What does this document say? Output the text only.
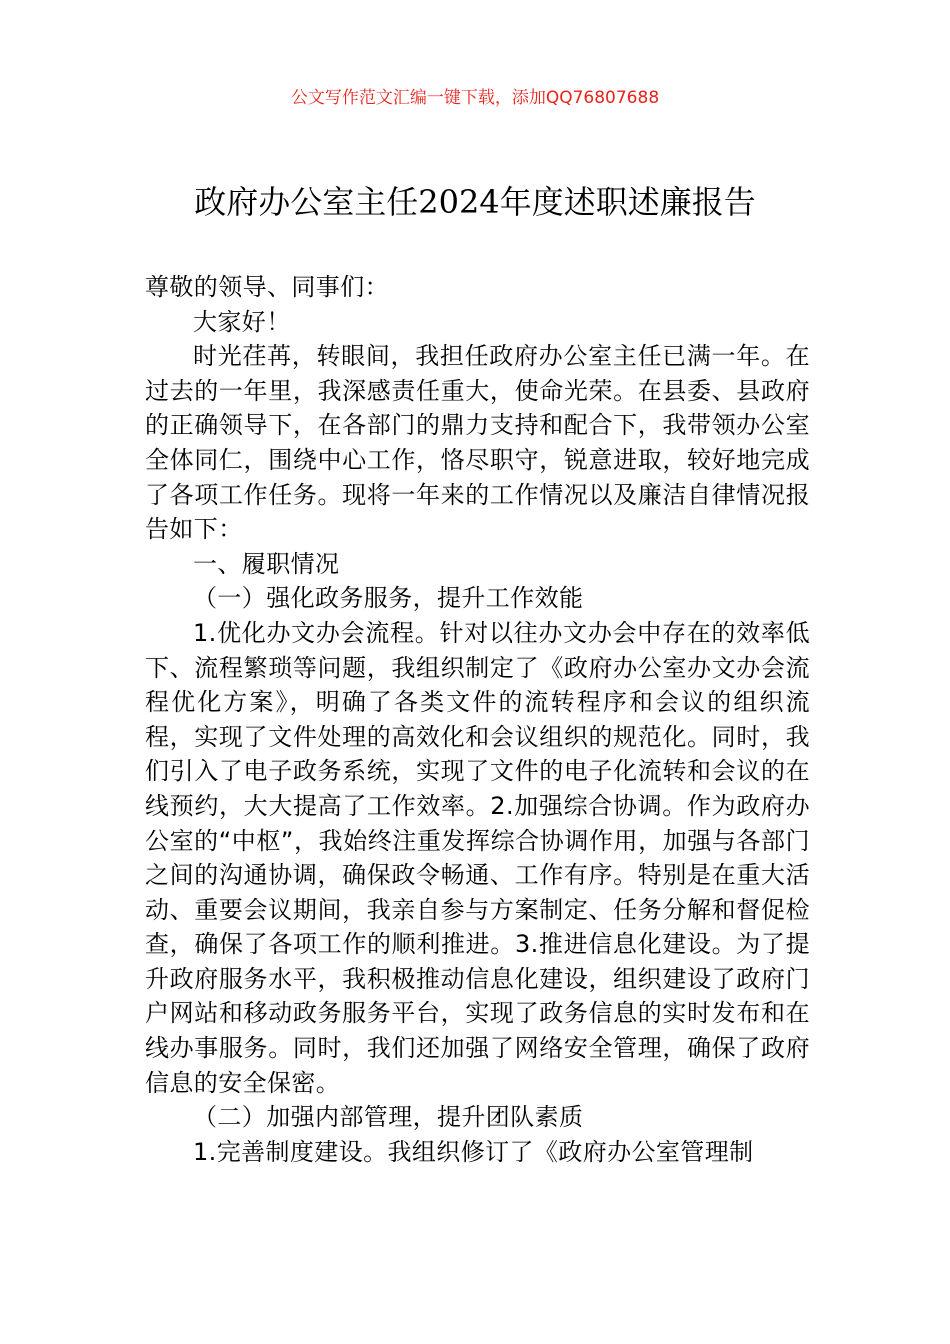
公文写作范文汇编一键下载，添加QQ76807688
政府办公室主任2024年度述职述廉报告

尊敬的领导、同事们：

大家好！

时光荏苒，转眼间，我担任政府办公室主任已满一年。在过去的一年里，我深感责任重大，使命光荣。在县委、县政府的正确领导下，在各部门的鼎力支持和配合下，我带领办公室全体同仁，围绕中心工作，恪尽职守，锐意进取，较好地完成了各项工作任务。现将一年来的工作情况以及廉洁自律情况报告如下：

一、履职情况

（一）强化政务服务，提升工作效能

1.优化办文办会流程。针对以往办文办会中存在的效率低下、流程繁琐等问题，我组织制定了《政府办公室办文办会流程优化方案》，明确了各类文件的流转程序和会议的组织流程，实现了文件处理的高效化和会议组织的规范化。同时，我们引入了电子政务系统，实现了文件的电子化流转和会议的在线预约，大大提高了工作效率。2.加强综合协调。作为政府办公室的“中枢”，我始终注重发挥综合协调作用，加强与各部门之间的沟通协调，确保政令畅通、工作有序。特别是在重大活动、重要会议期间，我亲自参与方案制定、任务分解和督促检查，确保了各项工作的顺利推进。3.推进信息化建设。为了提升政府服务水平，我积极推动信息化建设，组织建设了政府门户网站和移动政务服务平台，实现了政务信息的实时发布和在线办事服务。同时，我们还加强了网络安全管理，确保了政府信息的安全保密。

（二）加强内部管理，提升团队素质

1.完善制度建设。我组织修订了《政府办公室管理制
